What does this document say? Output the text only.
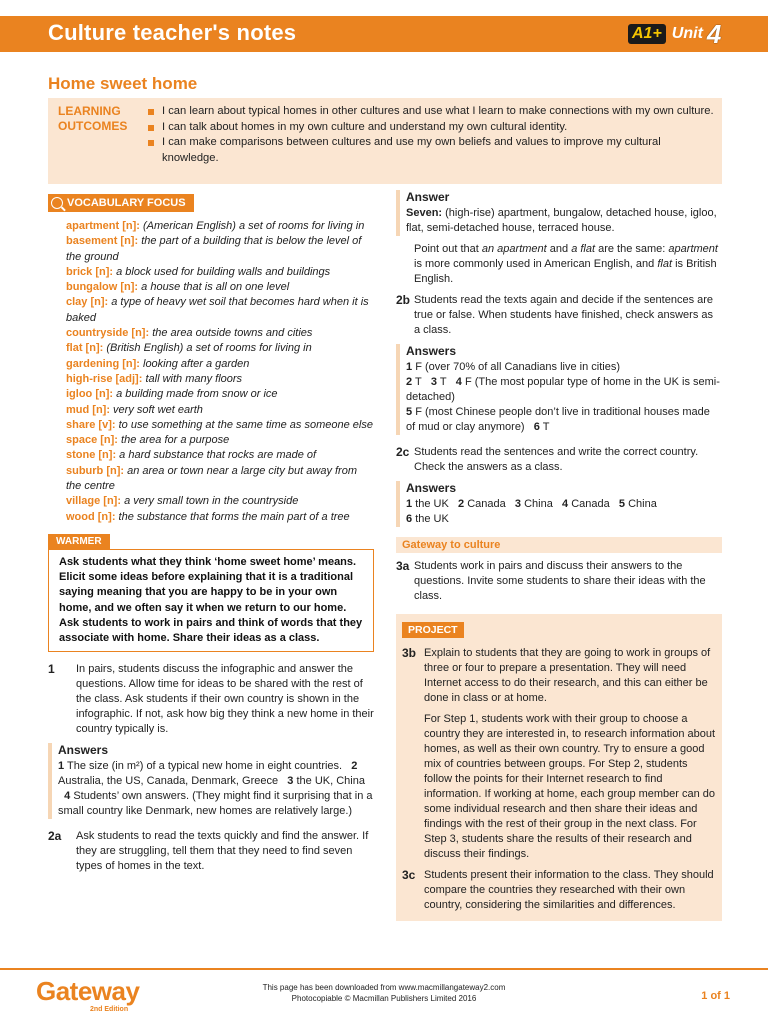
Culture teacher's notes	A1+ Unit 4
Home sweet home
LEARNING OUTCOMES
I can learn about typical homes in other cultures and use what I learn to make connections with my own culture.
I can talk about homes in my own culture and understand my own cultural identity.
I can make comparisons between cultures and use my own beliefs and values to improve my cultural knowledge.
VOCABULARY FOCUS
apartment [n]: (American English) a set of rooms for living in
basement [n]: the part of a building that is below the level of the ground
brick [n]: a block used for building walls and buildings
bungalow [n]: a house that is all on one level
clay [n]: a type of heavy wet soil that becomes hard when it is baked
countryside [n]: the area outside towns and cities
flat [n]: (British English) a set of rooms for living in
gardening [n]: looking after a garden
high-rise [adj]: tall with many floors
igloo [n]: a building made from snow or ice
mud [n]: very soft wet earth
share [v]: to use something at the same time as someone else
space [n]: the area for a purpose
stone [n]: a hard substance that rocks are made of
suburb [n]: an area or town near a large city but away from the centre
village [n]: a very small town in the countryside
wood [n]: the substance that forms the main part of a tree
WARMER
Ask students what they think ‘home sweet home’ means. Elicit some ideas before explaining that it is a traditional saying meaning that you are happy to be in your own home, and we often say it when we return to our home. Ask students to work in pairs and think of words that they associate with home. Share their ideas as a class.
1 In pairs, students discuss the infographic and answer the questions. Allow time for ideas to be shared with the rest of the class. Ask students if their own country is shown in the infographic. If not, ask how big they think a new home in their country typically is.
Answers
1 The size (in m²) of a typical new home in eight countries. 2 Australia, the US, Canada, Denmark, Greece 3 the UK, China   4 Students’ own answers. (They might find it surprising that in a small country like Denmark, new homes are relatively large.)
2a Ask students to read the texts quickly and find the answer. If they are struggling, tell them that they need to find seven types of homes in the text.
Answer
Seven: (high-rise) apartment, bungalow, detached house, igloo, flat, semi-detached house, terraced house.
Point out that an apartment and a flat are the same: apartment is more commonly used in American English, and flat is British English.
2b Students read the texts again and decide if the sentences are true or false. When students have finished, check answers as a class.
Answers
1 F (over 70% of all Canadians live in cities)
2 T 3 T 4 F (The most popular type of home in the UK is semi-detached)
5 F (most Chinese people don’t live in traditional houses made of mud or clay anymore) 6 T
2c Students read the sentences and write the correct country. Check the answers as a class.
Answers
1 the UK 2 Canada 3 China 4 Canada 5 China
6 the UK
Gateway to culture
3a Students work in pairs and discuss their answers to the questions. Invite some students to share their ideas with the class.
PROJECT
3b Explain to students that they are going to work in groups of three or four to prepare a presentation. They will need Internet access to do their research, and this can either be done in class or at home.

For Step 1, students work with their group to choose a country they are interested in, to research information about homes, as well as their own country. Try to ensure a good mix of countries between groups. For Step 2, students follow the points for their Internet research to find information. If working at home, each group member can do some individual research and then share their ideas and findings with the rest of their group in the next class. For Step 3, students share the results of their research and discuss their findings.

3c Students present their information to the class. They should compare the countries they researched with their own country, considering the similarities and differences.
Gateway
2nd Edition
This page has been downloaded from www.macmillangateway2.com
Photocopiable © Macmillan Publishers Limited 2016	1 of 1
